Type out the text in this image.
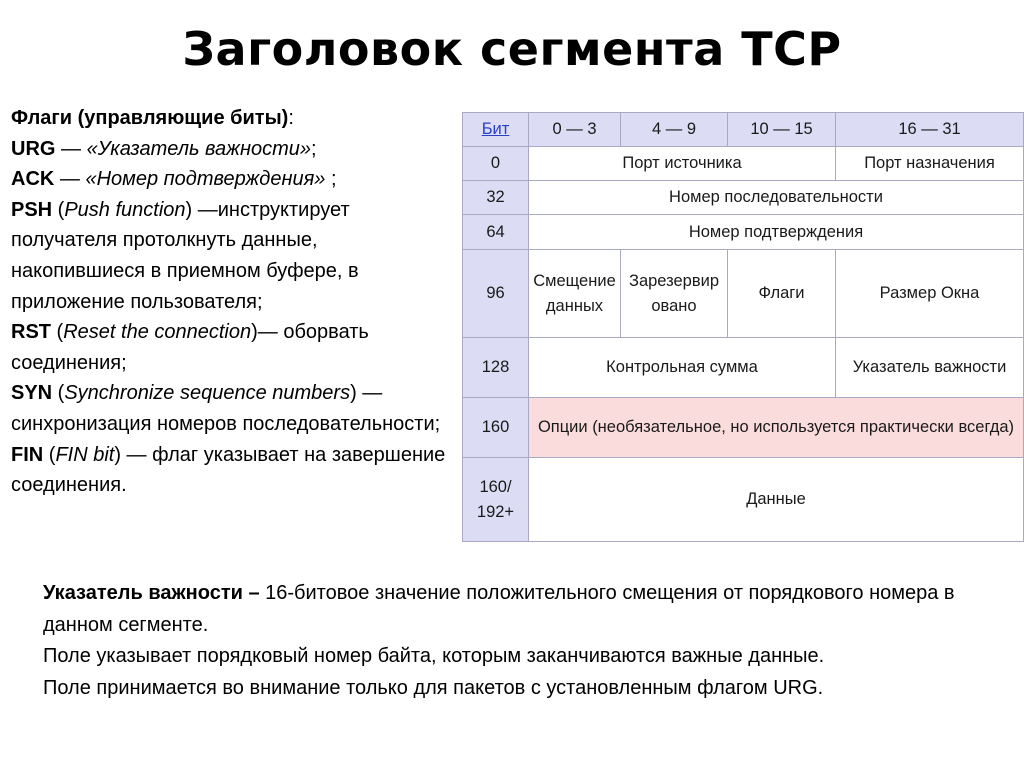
Заголовок сегмента TCP

Флаги (управляющие биты):

URG — «Указатель важности»;

ACK — «Номер подтверждения» ;

PSH (Push function) —инструктирует получателя протолкнуть данные, накопившиеся в приемном буфере, в приложение пользователя;

RST (Reset the connection)— оборвать соединения;

SYN (Synchronize sequence numbers) — синхронизация номеров последовательности;

FIN (FIN bit) — флаг указывает на завершение соединения.

Бит	0 — 3	4 — 9	10 — 15	16 — 31
0	Порт источника			Порт назначения
32	Номер последовательности			
64	Номер подтверждения			
96	Смещение данных	Зарезервировано	Флаги	Размер Окна
128	Контрольная сумма			Указатель важности
160	Опции (необязательное, но используется практически всегда)			
160/ 192+	Данные			

Указатель важности – 16-битовое значение положительного смещения от порядкового номера в данном сегменте.

Поле указывает порядковый номер байта, которым заканчиваются важные данные.

Поле принимается во внимание только для пакетов с установленным флагом URG.
